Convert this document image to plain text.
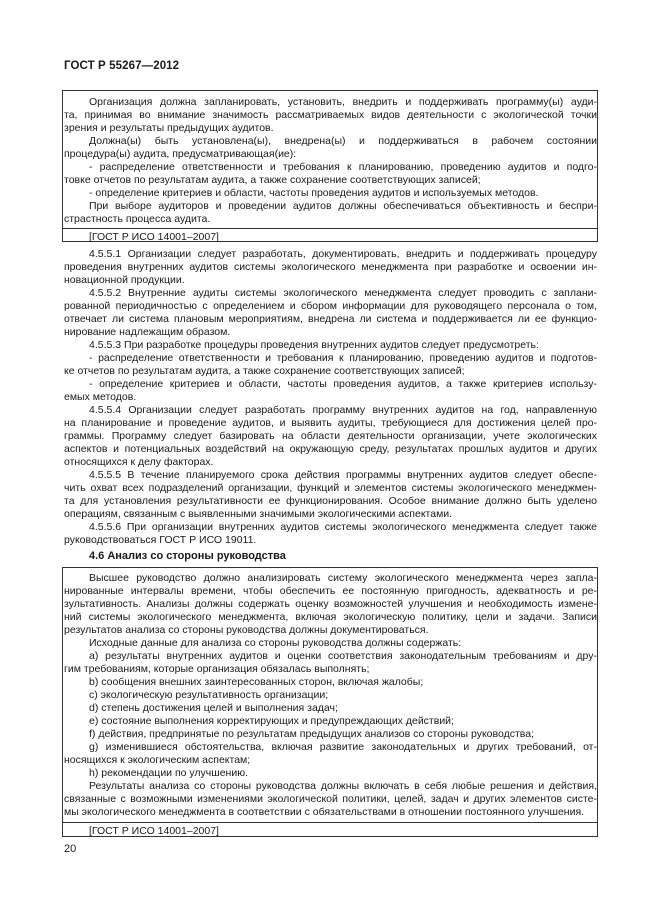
ГОСТ Р 55267—2012
[ГОСТ Р ИСО 14001–2007]
Организация должна запланировать, установить, внедрить и поддерживать программу(ы) ауди-
та, принимая во внимание значимость рассматриваемых видов деятельности с экологической точки
зрения и результаты предыдущих аудитов.
Должна(ы) быть установлена(ы), внедрена(ы) и поддерживаться в рабочем состоянии
процедура(ы) аудита, предусматривающая(ие):
- распределение ответственности и требования к планированию, проведению аудитов и подго-
товке отчетов по результатам аудита, а также сохранение соответствующих записей;
- определение критериев и области, частоты проведения аудитов и используемых методов.
При выборе аудиторов и проведении аудитов должны обеспечиваться объективность и беспри-
страстность процесса аудита.
4.5.5.1 Организации следует разработать, документировать, внедрить и поддерживать процедуру
проведения внутренних аудитов системы экологического менеджмента при разработке и освоении ин-
новационной продукции.
4.5.5.2 Внутренние аудиты системы экологического менеджмента следует проводить с заплани-
рованной периодичностью с определением и сбором информации для руководящего персонала о том,
отвечает ли система плановым мероприятиям, внедрена ли система и поддерживается ли ее функцио-
нирование надлежащим образом.
4.5.5.3 При разработке процедуры проведения внутренних аудитов следует предусмотреть:
- распределение ответственности и требования к планированию, проведению аудитов и подготов-
ке отчетов по результатам аудита, а также сохранение соответствующих записей;
- определение критериев и области, частоты проведения аудитов, а также критериев использу-
емых методов.
4.5.5.4 Организации следует разработать программу внутренних аудитов на год, направленную
на планирование и проведение аудитов, и выявить аудиты, требующиеся для достижения целей про-
граммы. Программу следует базировать на области деятельности организации, учете экологических
аспектов и потенциальных воздействий на окружающую среду, результатах прошлых аудитов и других
относящихся к делу факторах.
4.5.5.5 В течение планируемого срока действия программы внутренних аудитов следует обеспе-
чить охват всех подразделений организации, функций и элементов системы экологического менеджмен-
та для установления результативности ее функционирования. Особое внимание должно быть уделено
операциям, связанным с выявленными значимыми экологическими аспектами.
4.5.5.6 При организации внутренних аудитов системы экологического менеджмента следует также
руководствоваться ГОСТ Р ИСО 19011.
4.6 Анализ со стороны руководства
[ГОСТ Р ИСО 14001–2007]
Высшее руководство должно анализировать систему экологического менеджмента через запла-
нированные интервалы времени, чтобы обеспечить ее постоянную пригодность, адекватность и ре-
зультативность. Анализы должны содержать оценку возможностей улучшения и необходимость измене-
ний системы экологического менеджмента, включая экологическую политику, цели и задачи. Записи
результатов анализа со стороны руководства должны документироваться.
Исходные данные для анализа со стороны руководства должны содержать:
a) результаты внутренних аудитов и оценки соответствия законодательным требованиям и дру-
гим требованиям, которые организация обязалась выполнять;
b) сообщения внешних заинтересованных сторон, включая жалобы;
c) экологическую результативность организации;
d) степень достижения целей и выполнения задач;
e) состояние выполнения корректирующих и предупреждающих действий;
f) действия, предпринятые по результатам предыдущих анализов со стороны руководства;
g) изменившиеся обстоятельства, включая развитие законодательных и других требований, от-
носящихся к экологическим аспектам;
h) рекомендации по улучшению.
Результаты анализа со стороны руководства должны включать в себя любые решения и действия,
связанные с возможными изменениями экологической политики, целей, задач и других элементов систе-
мы экологического менеджмента в соответствии с обязательствами в отношении постоянного улучшения.
20
